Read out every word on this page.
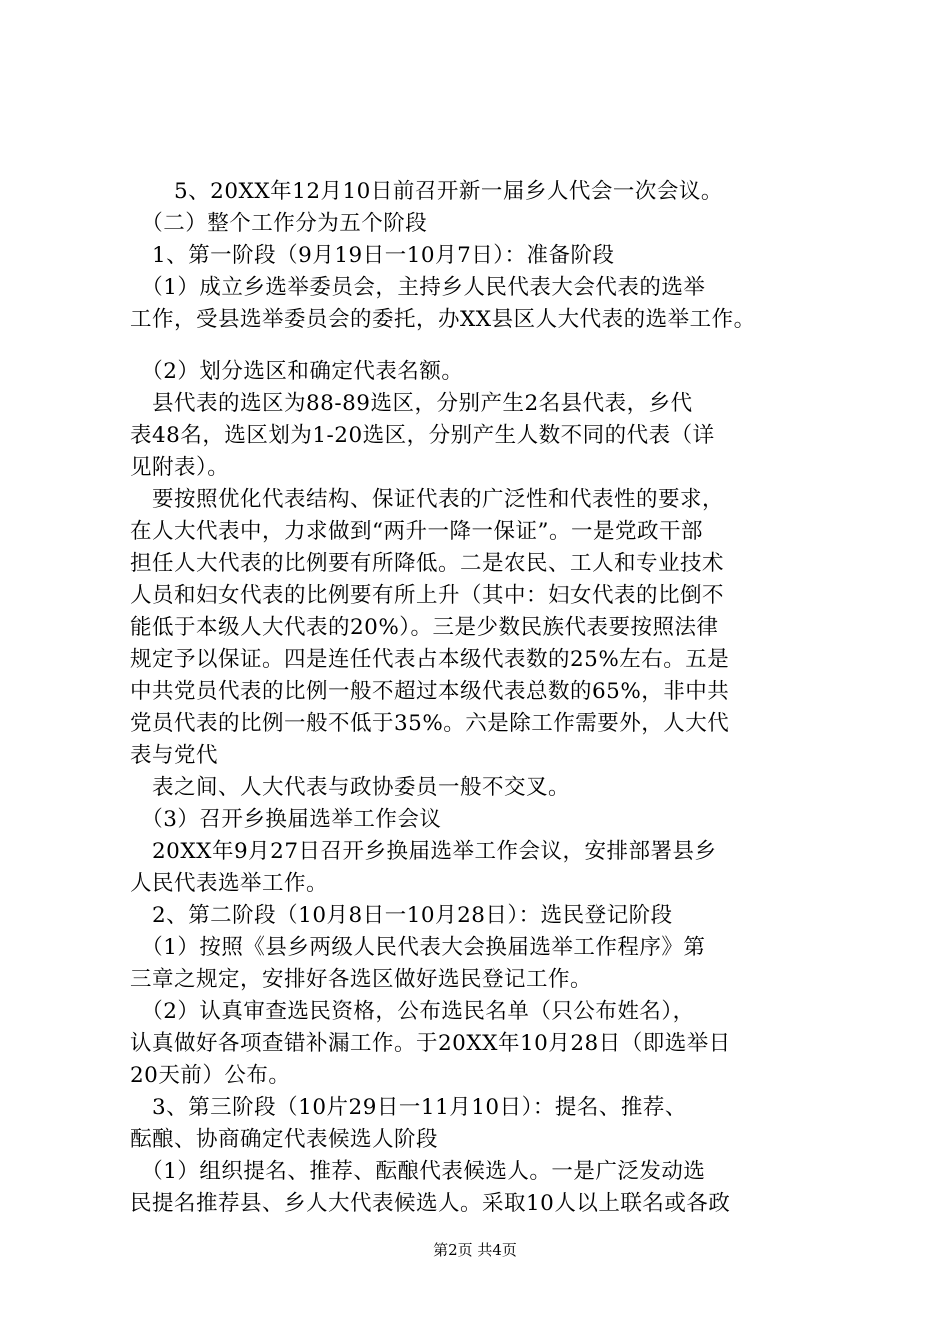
　　5、20XX年12月10日前召开新一届乡人代会一次会议。
　（二）整个工作分为五个阶段
　1、第一阶段（9月19日一10月7日）：准备阶段
　（1）成立乡选举委员会，主持乡人民代表大会代表的选举
工作，受县选举委员会的委托，办XX县区人大代表的选举工作。
　（2）划分选区和确定代表名额。
　县代表的选区为88-89选区，分别产生2名县代表，乡代
表48名，选区划为1-20选区，分别产生人数不同的代表（详
见附表）。
　要按照优化代表结构、保证代表的广泛性和代表性的要求，
在人大代表中，力求做到“两升一降一保证”。一是党政干部
担任人大代表的比例要有所降低。二是农民、工人和专业技术
人员和妇女代表的比例要有所上升（其中：妇女代表的比倒不
能低于本级人大代表的20%）。三是少数民族代表要按照法律
规定予以保证。四是连任代表占本级代表数的25%左右。五是
中共党员代表的比例一般不超过本级代表总数的65%，非中共
党员代表的比例一般不低于35%。六是除工作需要外，人大代
表与党代
　表之间、人大代表与政协委员一般不交叉。
　（3）召开乡换届选举工作会议
　20XX年9月27日召开乡换届选举工作会议，安排部署县乡
人民代表选举工作。
　2、第二阶段（10月8日一10月28日）：选民登记阶段
　（1）按照《县乡两级人民代表大会换届选举工作程序》第
三章之规定，安排好各选区做好选民登记工作。
　（2）认真审查选民资格，公布选民名单（只公布姓名），
认真做好各项查错补漏工作。于20XX年10月28日（即选举日
20天前）公布。
　3、第三阶段（10片29日一11月10日）：提名、推荐、
酝酿、协商确定代表候选人阶段
　（1）组织提名、推荐、酝酿代表候选人。一是广泛发动选
民提名推荐县、乡人大代表候选人。采取10人以上联名或各政
第2页 共4页
